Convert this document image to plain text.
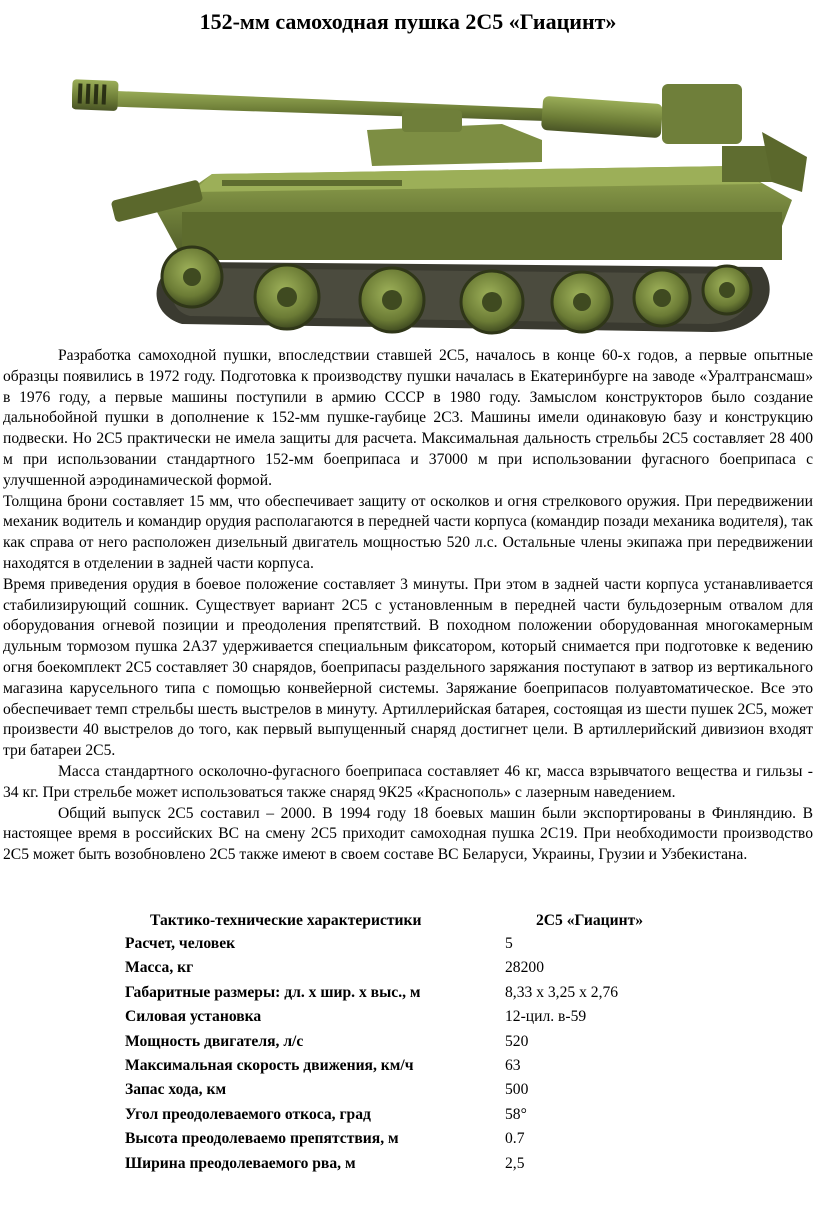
152-мм самоходная пушка 2С5 «Гиацинт»

Разработка самоходной пушки, впоследствии ставшей 2С5, началось в конце 60-х годов, а первые опытные образцы появились в 1972 году. Подготовка к производству пушки началась в Екатеринбурге на заводе «Уралтрансмаш» в 1976 году, а первые машины поступили в армию СССР в 1980 году. Замыслом конструкторов было создание дальнобойной пушки в дополнение к 152-мм пушке-гаубице 2С3. Машины имели одинаковую базу и конструкцию подвески. Но 2С5 практически не имела защиты для расчета. Максимальная дальность стрельбы 2С5 составляет 28 400 м при использовании стандартного 152-мм боеприпаса и 37000 м при использовании фугасного боеприпаса с улучшенной аэродинамической формой.

Толщина брони составляет 15 мм, что обеспечивает защиту от осколков и огня стрелкового оружия. При передвижении механик водитель и командир орудия располагаются в передней части корпуса (командир позади механика водителя), так как справа от него расположен дизельный двигатель мощностью 520 л.с. Остальные члены экипажа при передвижении находятся в отделении в задней части корпуса.

Время приведения орудия в боевое положение составляет 3 минуты. При этом в задней части корпуса устанавливается стабилизирующий сошник. Существует вариант 2С5 с установленным в передней части бульдозерным отвалом для оборудования огневой позиции и преодоления препятствий. В походном положении оборудованная многокамерным дульным тормозом пушка 2А37 удерживается специальным фиксатором, который снимается при подготовке к ведению огня боекомплект 2С5 составляет 30 снарядов, боеприпасы раздельного заряжания поступают в затвор из вертикального магазина карусельного типа с помощью конвейерной системы. Заряжание боеприпасов полуавтоматическое. Все это обеспечивает темп стрельбы шесть выстрелов в минуту. Артиллерийская батарея, состоящая из шести пушек 2С5, может произвести 40 выстрелов до того, как первый выпущенный снаряд достигнет цели. В артиллерийский дивизион входят три батареи 2С5.

Масса стандартного осколочно-фугасного боеприпаса составляет 46 кг, масса взрывчатого вещества и гильзы - 34 кг. При стрельбе может использоваться также снаряд 9К25 «Краснополь» с лазерным наведением.

Общий выпуск 2С5 составил – 2000. В 1994 году 18 боевых машин были экспортированы в Финляндию. В настоящее время в российских ВС на смену 2С5 приходит самоходная пушка 2С19. При необходимости производство 2С5 может быть возобновлено 2С5 также имеют в своем составе ВС Беларуси, Украины, Грузии и Узбекистана.

Тактико-технические характеристики	2С5 «Гиацинт»
Расчет, человек	5
Масса, кг	28200
Габаритные размеры: дл. х шир. х выс., м	8,33 х 3,25 х 2,76
Силовая установка	12-цил. в-59
Мощность двигателя, л/с	520
Максимальная скорость движения, км/ч	63
Запас хода, км	500
Угол преодолеваемого откоса, град	58°
Высота преодолеваемо препятствия, м	0.7
Ширина преодолеваемого рва, м	2,5
